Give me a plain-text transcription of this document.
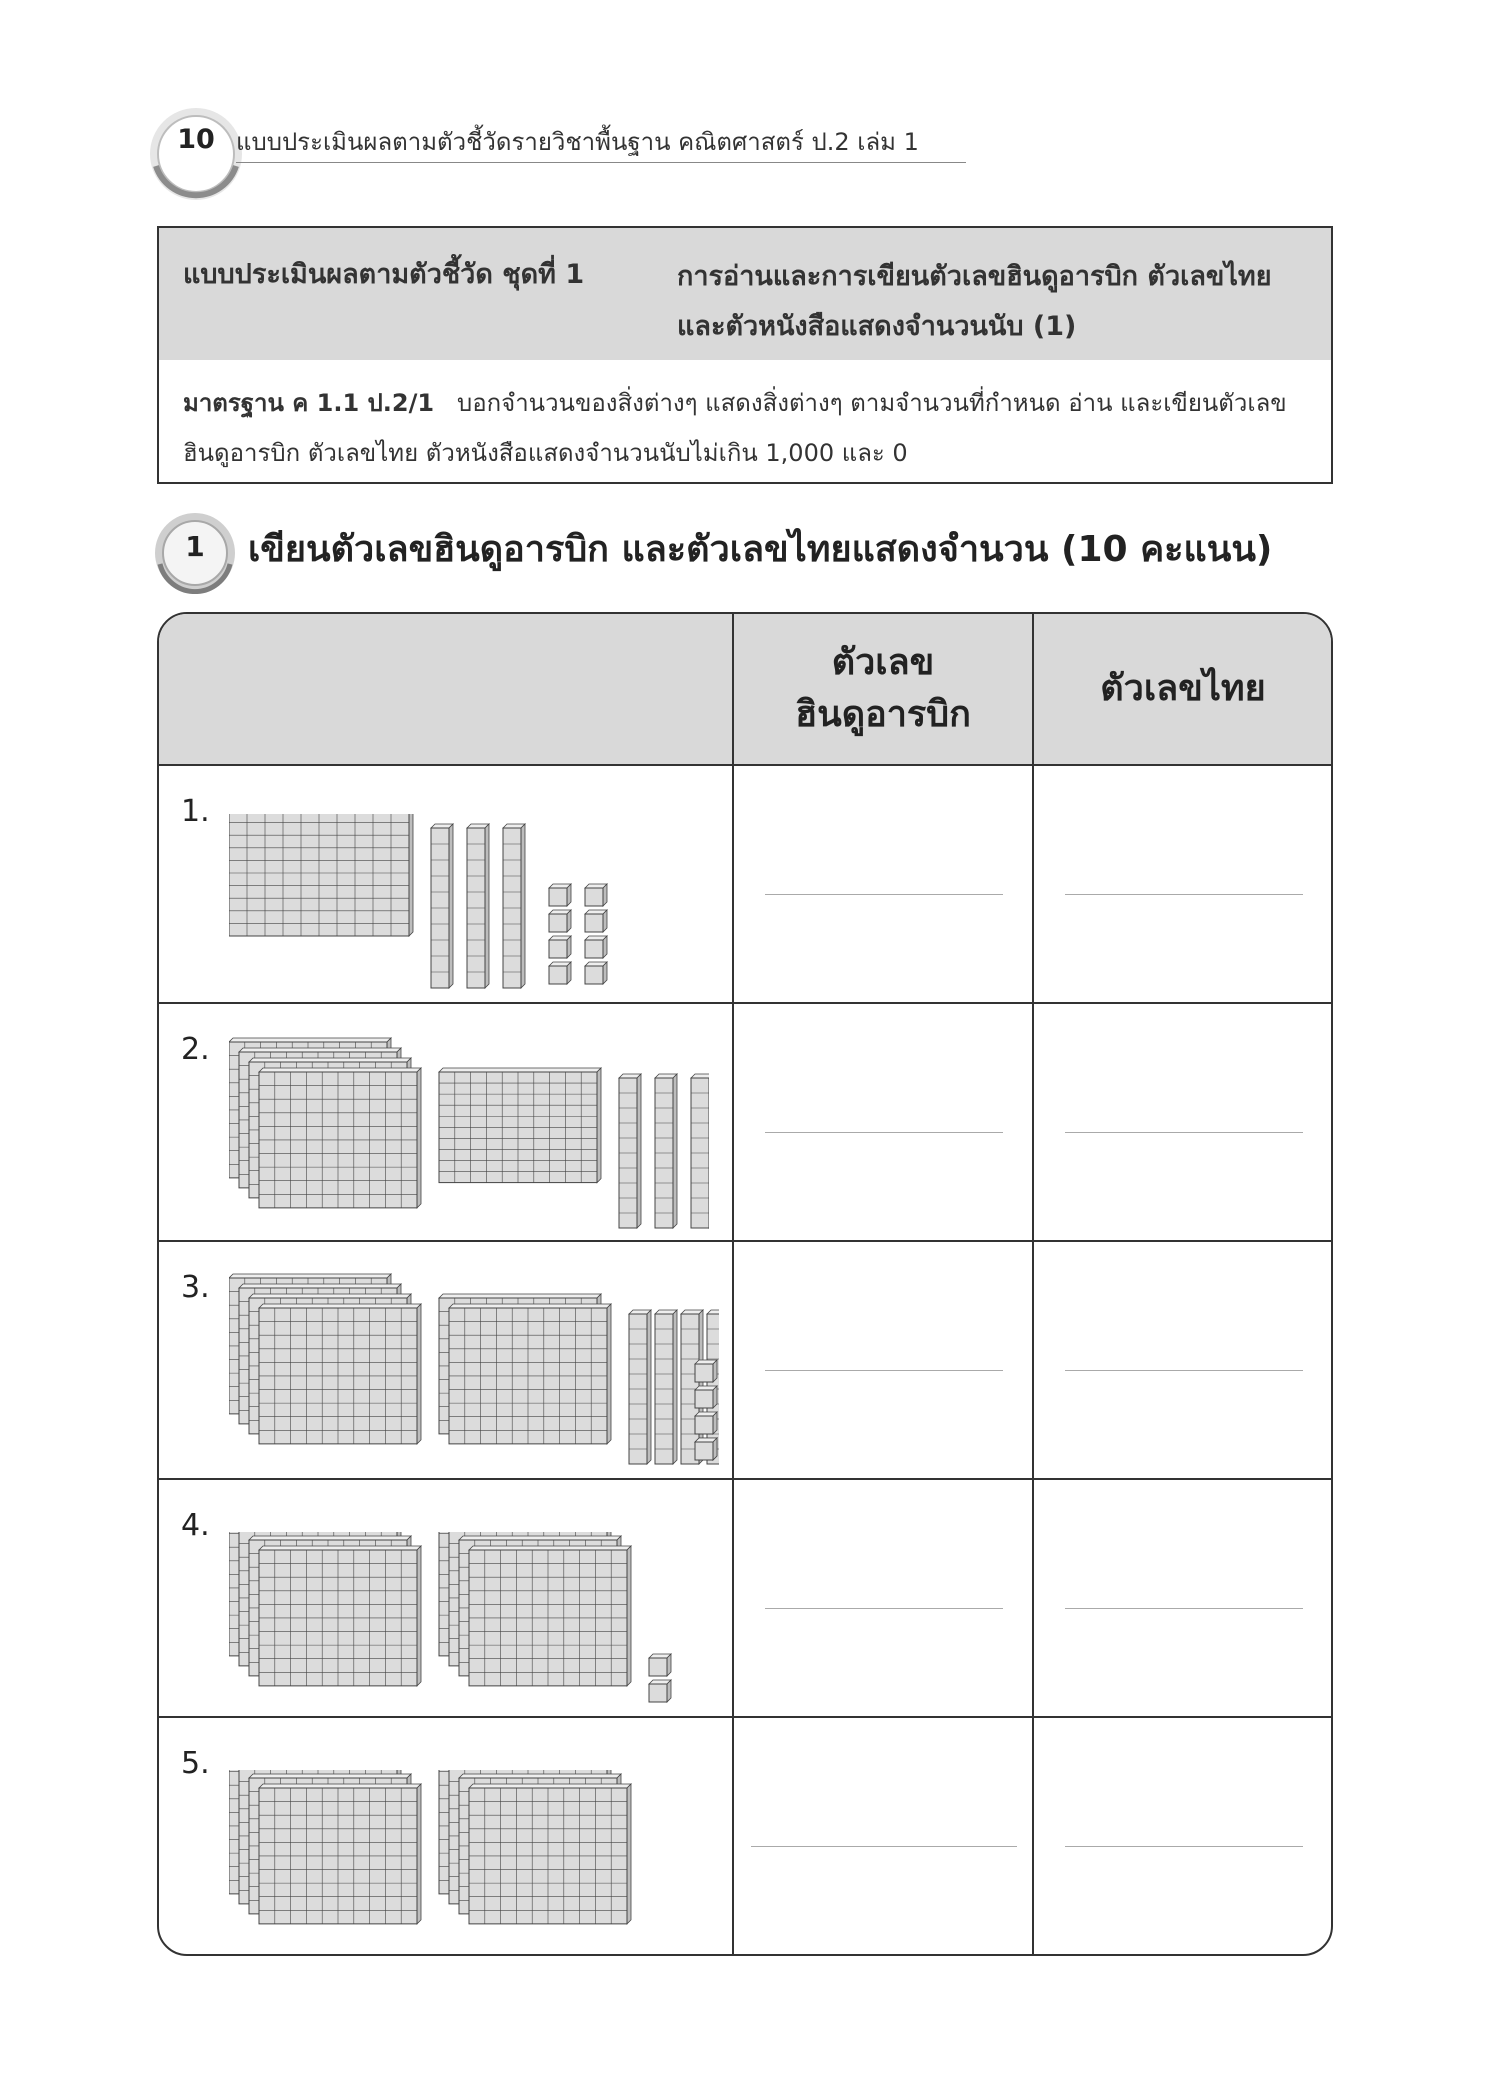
10 แบบประเมินผลตามตัวชี้วัดรายวิชาพื้นฐาน คณิตศาสตร์ ป.2 เล่ม 1
แบบประเมินผลตามตัวชี้วัด ชุดที่ 1	การอ่านและการเขียนตัวเลขฮินดูอารบิก ตัวเลขไทย และตัวหนังสือแสดงจำนวนนับ (1)
มาตรฐาน ค 1.1 ป.2/1 บอกจำนวนของสิ่งต่างๆ แสดงสิ่งต่างๆ ตามจำนวนที่กำหนด อ่าน และเขียนตัวเลขฮินดูอารบิก ตัวเลขไทย ตัวหนังสือแสดงจำนวนนับไม่เกิน 1,000 และ 0
1	เขียนตัวเลขฮินดูอารบิก และตัวเลขไทยแสดงจำนวน (10 คะแนน)
ตัวเลข
ฮินดูอารบิก
ตัวเลขไทย
1.
2.
3.
4.
5.
